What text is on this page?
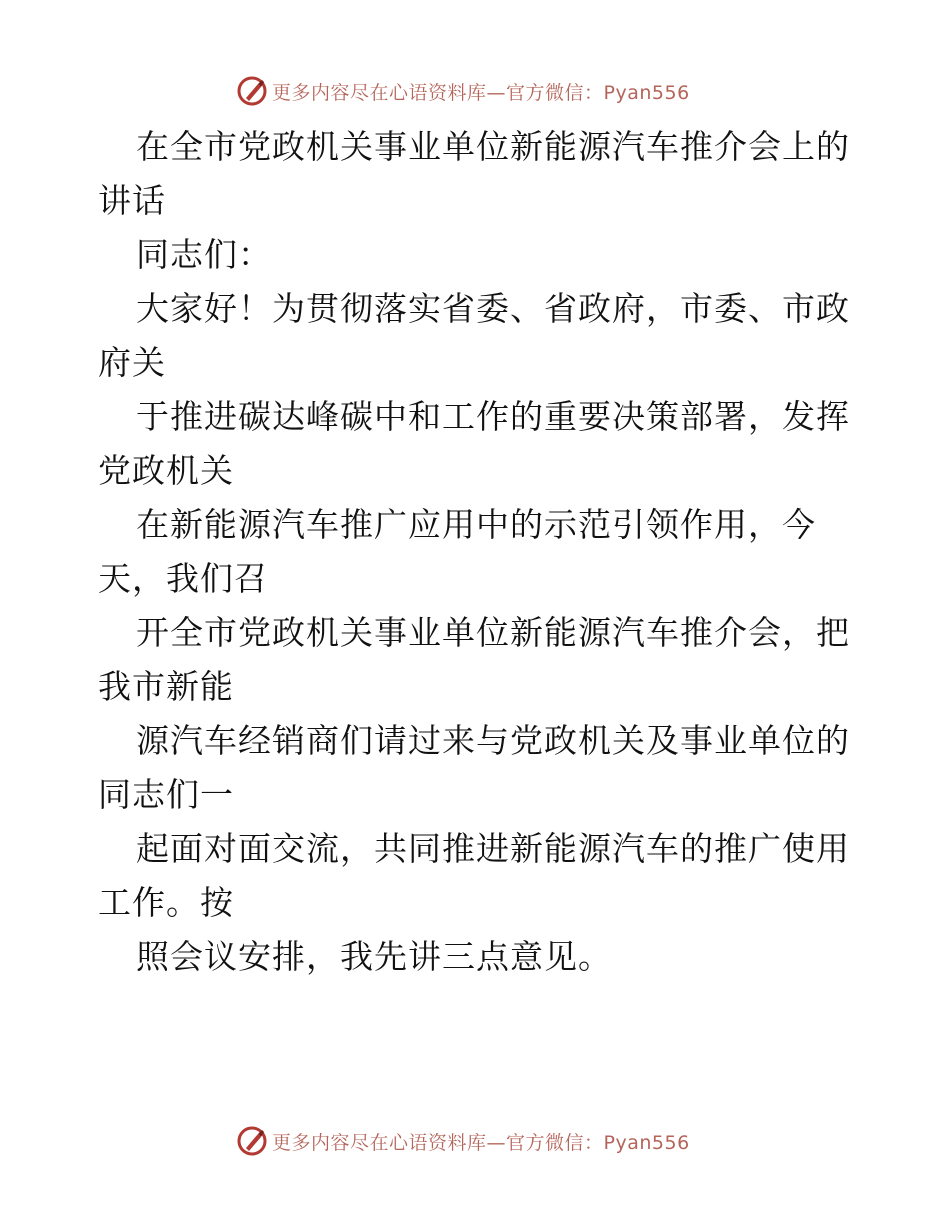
更多内容尽在心语资料库—官方微信：Pyan556
在全市党政机关事业单位新能源汽车推介会上的
讲话
同志们：
大家好！为贯彻落实省委、省政府，市委、市政
府关
于推进碳达峰碳中和工作的重要决策部署，发挥
党政机关
在新能源汽车推广应用中的示范引领作用，今
天，我们召
开全市党政机关事业单位新能源汽车推介会，把
我市新能
源汽车经销商们请过来与党政机关及事业单位的
同志们一
起面对面交流，共同推进新能源汽车的推广使用
工作。按
照会议安排，我先讲三点意见。
更多内容尽在心语资料库—官方微信：Pyan556
